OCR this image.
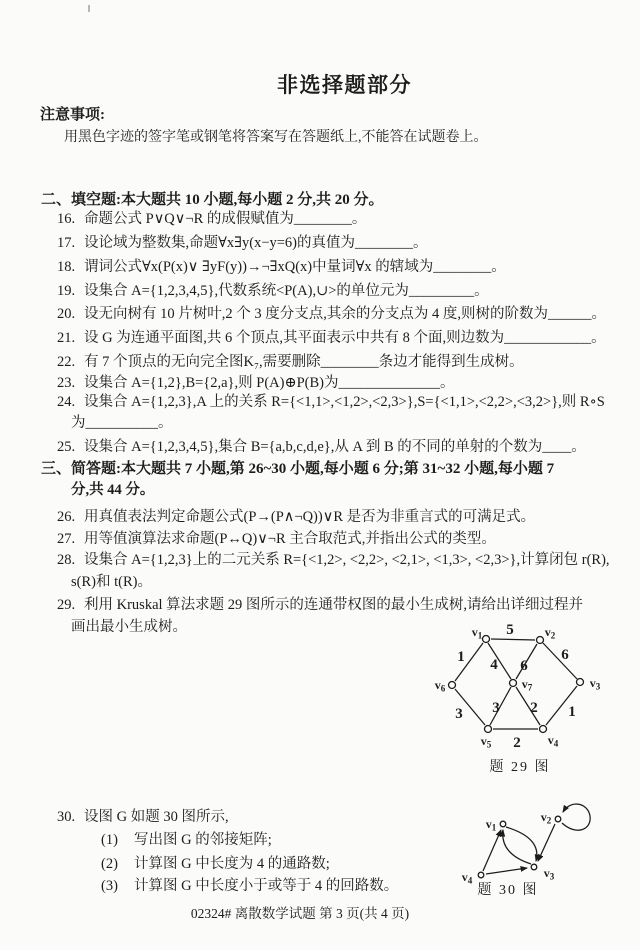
非选择题部分
注意事项:
用黑色字迹的签字笔或钢笔将答案写在答题纸上,不能答在试题卷上。
二、填空题:本大题共 10 小题,每小题 2 分,共 20 分。
16. 命题公式 P∨Q∨¬R 的成假赋值为________。
17. 设论域为整数集,命题∀x∃y(x−y=6)的真值为________。
18. 谓词公式∀x(P(x)∨ ∃yF(y))→¬∃xQ(x)中量词∀x 的辖域为________。
19. 设集合 A={1,2,3,4,5},代数系统<P(A),∪>的单位元为_________。
20. 设无向树有 10 片树叶,2 个 3 度分支点,其余的分支点为 4 度,则树的阶数为______。
21. 设 G 为连通平面图,共 6 个顶点,其平面表示中共有 8 个面,则边数为____________。
22. 有 7 个顶点的无向完全图K₇,需要删除________条边才能得到生成树。
23. 设集合 A={1,2},B={2,a},则 P(A)⊕P(B)为______________。
24. 设集合 A={1,2,3},A 上的关系 R={<1,1>,<1,2>,<2,3>},S={<1,1>,<2,2>,<3,2>},则 R∘S
为__________。
25. 设集合 A={1,2,3,4,5},集合 B={a,b,c,d,e},从 A 到 B 的不同的单射的个数为____。
三、简答题:本大题共 7 小题,第 26~30 小题,每小题 6 分;第 31~32 小题,每小题 7
分,共 44 分。
26. 用真值表法判定命题公式(P→(P∧¬Q))∨R 是否为非重言式的可满足式。
27. 用等值演算法求命题(P↔Q)∨¬R 主合取范式,并指出公式的类型。
28. 设集合 A={1,2,3}上的二元关系 R={<1,2>, <2,2>, <2,1>, <1,3>, <2,3>},计算闭包 r(R),
s(R)和 t(R)。
29. 利用 Kruskal 算法求题 29 图所示的连通带权图的最小生成树,请给出详细过程并
画出最小生成树。	5
6
1
2
3
1 4 6
3 2
$v_1$	$v_2$
$v_3$
$v_4$
$v_5$
$v_6$	$v_7$
题 29 图
30. 设图 G 如题 30 图所示,
(1) 写出图 G 的邻接矩阵;
(2) 计算图 G 中长度为 4 的通路数;
(3) 计算图 G 中长度小于或等于 4 的回路数。
$v_1$
$v_2$
$v_3$
$v_4$
题 30 图
02324# 离散数学试题 第 3 页(共 4 页)
